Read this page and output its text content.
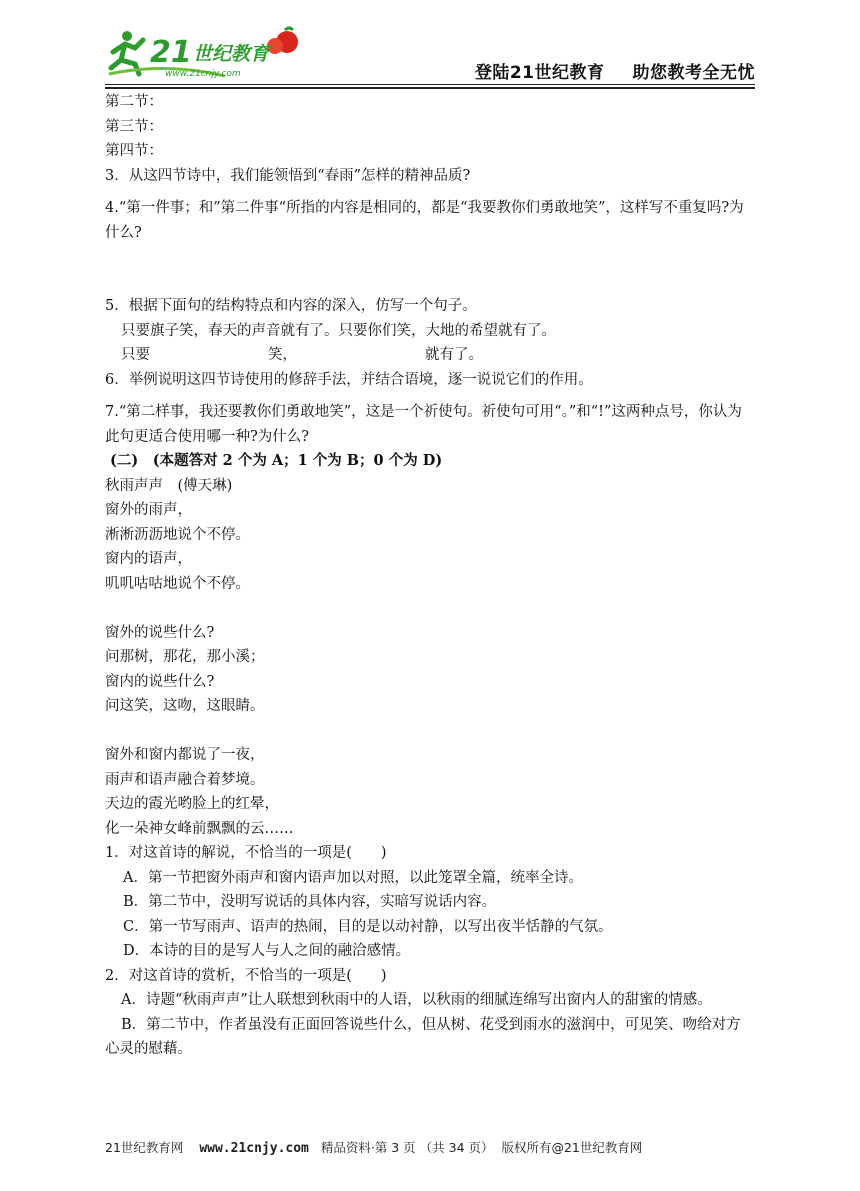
21 世纪教育
www.21cnjy.com	登陆21世纪教育 助您教考全无忧
第二节：
第三节：
第四节：
3．从这四节诗中，我们能领悟到“春雨”怎样的精神品质?
4.“第一件事；和”第二件事“所指的内容是相同的，都是“我要教你们勇敢地笑”，这样写不重复吗?为什么?
5．根据下面句的结构特点和内容的深入，仿写一个句子。
只要旗子笑，春天的声音就有了。只要你们笑，大地的希望就有了。
只要	笑，	就有了。
6．举例说明这四节诗使用的修辞手法，并结合语境，逐一说说它们的作用。
7.“第二样事，我还要教你们勇敢地笑”，这是一个祈使句。祈使句可用“。”和“!”这两种点号，你认为此句更适合使用哪一种?为什么?
(二)　(本题答对 2 个为 A；1 个为 B；0 个为 D)
秋雨声声　(傅天琳)
窗外的雨声，
淅淅沥沥地说个不停。
窗内的语声，
叽叽咕咕地说个不停。
窗外的说些什么?
问那树，那花，那小溪；
窗内的说些什么?
问这笑，这吻，这眼睛。
窗外和窗内都说了一夜，
雨声和语声融合着梦境。
天边的霞光哟脸上的红晕，
化一朵神女峰前飘飘的云……
1．对这首诗的解说，不恰当的一项是(　　)
A．第一节把窗外雨声和窗内语声加以对照，以此笼罩全篇，统率全诗。
B．第二节中，没明写说话的具体内容，实暗写说话内容。
C．第一节写雨声、语声的热闹，目的是以动衬静，以写出夜半恬静的气氛。
D．本诗的目的是写人与人之间的融洽感情。
2．对这首诗的赏析，不恰当的一项是(　　)
A．诗题“秋雨声声”让人联想到秋雨中的人语，以秋雨的细腻连绵写出窗内人的甜蜜的情感。
B．第二节中，作者虽没有正面回答说些什么，但从树、花受到雨水的滋润中，可见笑、吻给对方心灵的慰藉。
21世纪教育网 www.21cnjy.com 精品资料·第 3 页 （共 34 页） 版权所有@21世纪教育网
